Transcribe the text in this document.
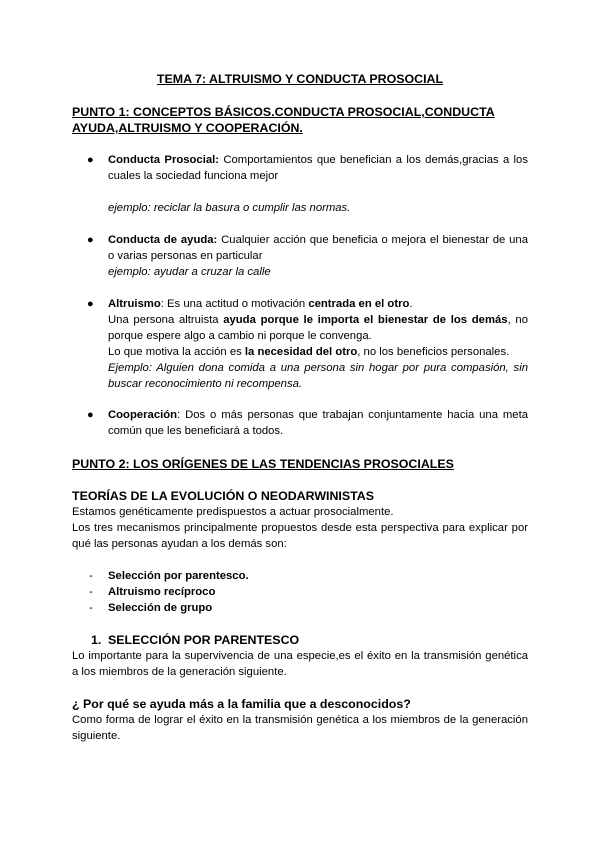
TEMA 7: ALTRUISMO Y CONDUCTA PROSOCIAL
PUNTO 1: CONCEPTOS BÁSICOS.CONDUCTA PROSOCIAL,CONDUCTA
AYUDA,ALTRUISMO Y COOPERACIÓN.
● Conducta Prosocial: Comportamientos que benefician a los demás,gracias a los cuales la sociedad funciona mejor
ejemplo: reciclar la basura o cumplir las normas.
● Conducta de ayuda: Cualquier acción que beneficia o mejora el bienestar de una o varias personas en particular
ejemplo: ayudar a cruzar la calle
● Altruismo: Es una actitud o motivación centrada en el otro.
Una persona altruista ayuda porque le importa el bienestar de los demás, no porque espere algo a cambio ni porque le convenga.
Lo que motiva la acción es la necesidad del otro, no los beneficios personales.
Ejemplo: Alguien dona comida a una persona sin hogar por pura compasión, sin buscar reconocimiento ni recompensa.
● Cooperación: Dos o más personas que trabajan conjuntamente hacia una meta común que les beneficiará a todos.
PUNTO 2: LOS ORÍGENES DE LAS TENDENCIAS PROSOCIALES
TEORÍAS DE LA EVOLUCIÓN O NEODARWINISTAS
Estamos genéticamente predispuestos a actuar prosocialmente.
Los tres mecanismos principalmente propuestos desde esta perspectiva para explicar por qué las personas ayudan a los demás son:
- Selección por parentesco.
- Altruismo recíproco
- Selección de grupo
1. SELECCIÓN POR PARENTESCO
Lo importante para la supervivencia de una especie,es el éxito en la transmisión genética a los miembros de la generación siguiente.
¿ Por qué se ayuda más a la familia que a desconocidos?
Como forma de lograr el éxito en la transmisión genética a los miembros de la generación siguiente.
